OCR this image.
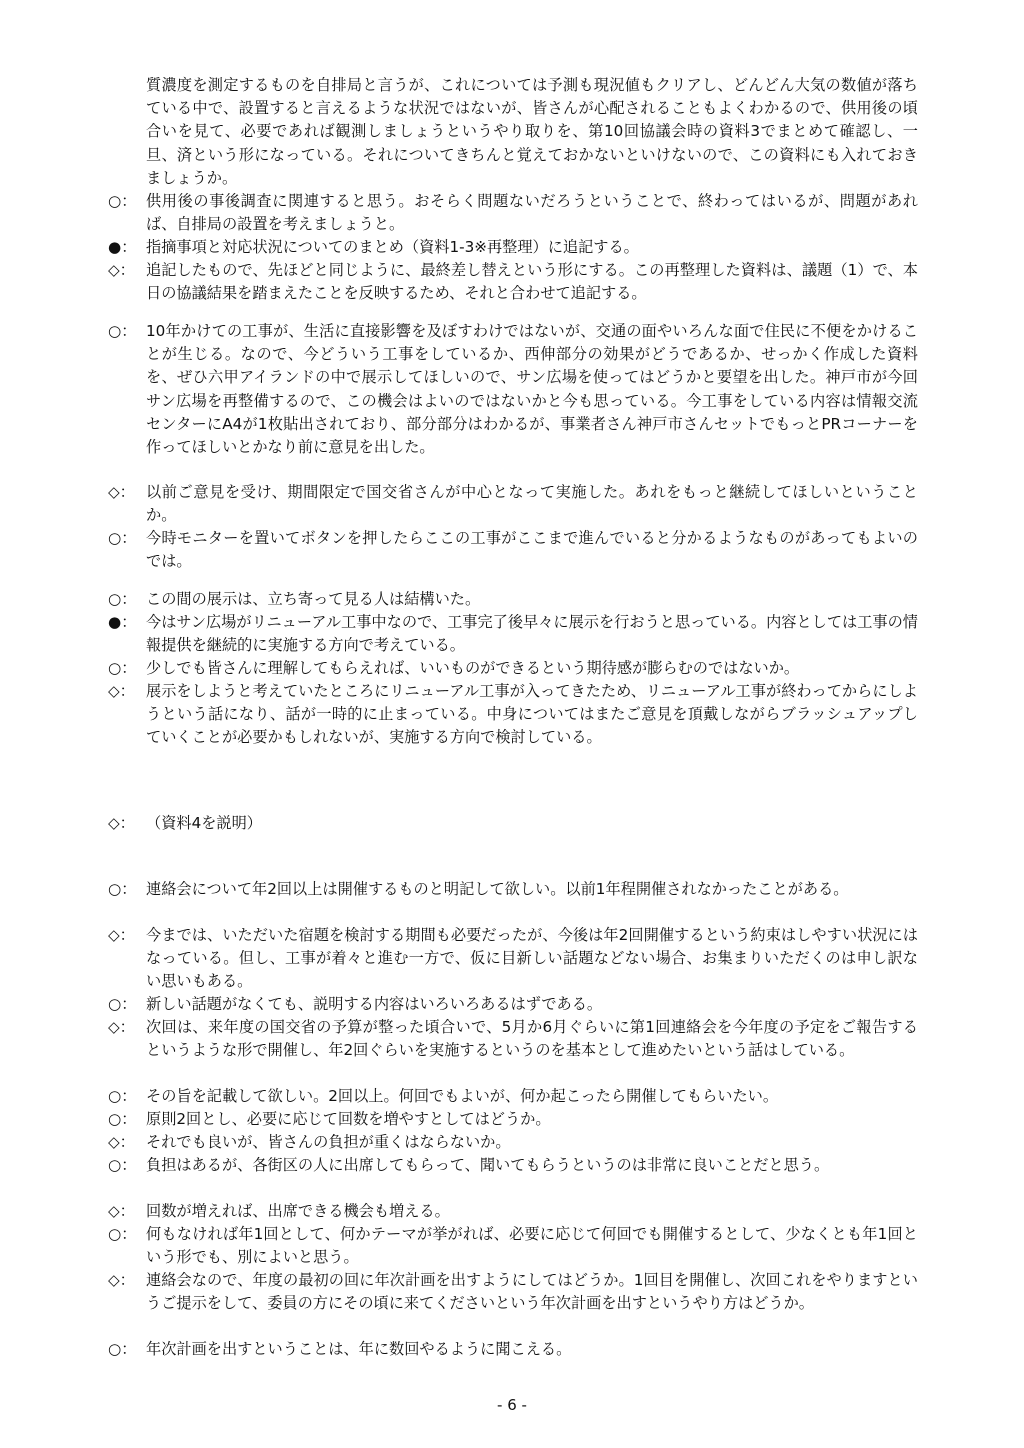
質濃度を測定するものを自排局と言うが、これについては予測も現況値もクリアし、どんどん大気の数値が落ちている中で、設置すると言えるような状況ではないが、皆さんが心配されることもよくわかるので、供用後の頃合いを見て、必要であれば観測しましょうというやり取りを、第10回協議会時の資料3でまとめて確認し、一旦、済という形になっている。それについてきちんと覚えておかないといけないので、この資料にも入れておきましょうか。
○： 供用後の事後調査に関連すると思う。おそらく問題ないだろうということで、終わってはいるが、問題があれば、自排局の設置を考えましょうと。
●： 指摘事項と対応状況についてのまとめ（資料1-3※再整理）に追記する。
◇： 追記したもので、先ほどと同じように、最終差し替えという形にする。この再整理した資料は、議題（1）で、本日の協議結果を踏まえたことを反映するため、それと合わせて追記する。
○： 10年かけての工事が、生活に直接影響を及ぼすわけではないが、交通の面やいろんな面で住民に不便をかけることが生じる。なので、今どういう工事をしているか、西伸部分の効果がどうであるか、せっかく作成した資料を、ぜひ六甲アイランドの中で展示してほしいので、サン広場を使ってはどうかと要望を出した。神戸市が今回サン広場を再整備するので、この機会はよいのではないかと今も思っている。今工事をしている内容は情報交流センターにA4が1枚貼出されており、部分部分はわかるが、事業者さん神戸市さんセットでもっとPRコーナーを作ってほしいとかなり前に意見を出した。
◇： 以前ご意見を受け、期間限定で国交省さんが中心となって実施した。あれをもっと継続してほしいということか。
○： 今時モニターを置いてボタンを押したらここの工事がここまで進んでいると分かるようなものがあってもよいのでは。
○： この間の展示は、立ち寄って見る人は結構いた。
●： 今はサン広場がリニューアル工事中なので、工事完了後早々に展示を行おうと思っている。内容としては工事の情報提供を継続的に実施する方向で考えている。
○： 少しでも皆さんに理解してもらえれば、いいものができるという期待感が膨らむのではないか。
◇： 展示をしようと考えていたところにリニューアル工事が入ってきたため、リニューアル工事が終わってからにしようという話になり、話が一時的に止まっている。中身についてはまたご意見を頂戴しながらブラッシュアップしていくことが必要かもしれないが、実施する方向で検討している。
◇： （資料4を説明）
○： 連絡会について年2回以上は開催するものと明記して欲しい。以前1年程開催されなかったことがある。
◇： 今までは、いただいた宿題を検討する期間も必要だったが、今後は年2回開催するという約束はしやすい状況にはなっている。但し、工事が着々と進む一方で、仮に目新しい話題などない場合、お集まりいただくのは申し訳ない思いもある。
○： 新しい話題がなくても、説明する内容はいろいろあるはずである。
◇： 次回は、来年度の国交省の予算が整った頃合いで、5月か6月ぐらいに第1回連絡会を今年度の予定をご報告するというような形で開催し、年2回ぐらいを実施するというのを基本として進めたいという話はしている。
○： その旨を記載して欲しい。2回以上。何回でもよいが、何か起こったら開催してもらいたい。
○： 原則2回とし、必要に応じて回数を増やすとしてはどうか。
◇： それでも良いが、皆さんの負担が重くはならないか。
○： 負担はあるが、各街区の人に出席してもらって、聞いてもらうというのは非常に良いことだと思う。
◇： 回数が増えれば、出席できる機会も増える。
○： 何もなければ年1回として、何かテーマが挙がれば、必要に応じて何回でも開催するとして、少なくとも年1回という形でも、別によいと思う。
◇： 連絡会なので、年度の最初の回に年次計画を出すようにしてはどうか。1回目を開催し、次回これをやりますというご提示をして、委員の方にその頃に来てくださいという年次計画を出すというやり方はどうか。
○： 年次計画を出すということは、年に数回やるように聞こえる。
- 6 -
